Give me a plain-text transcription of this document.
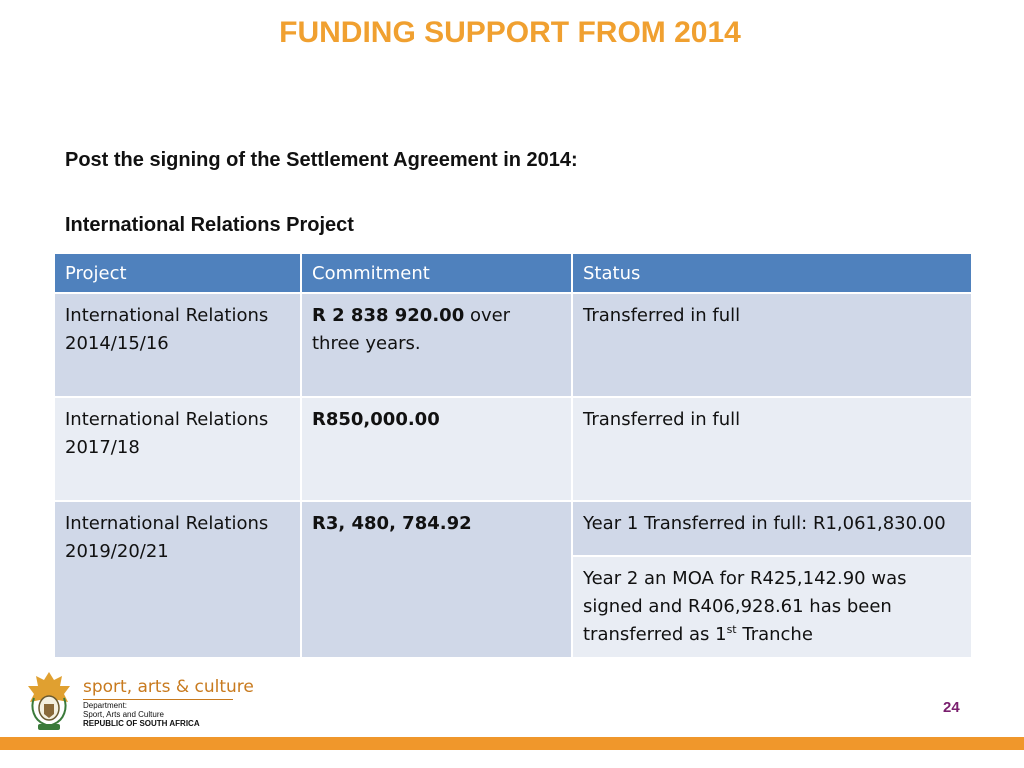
FUNDING SUPPORT FROM 2014
Post the signing of the Settlement Agreement in 2014:
International Relations Project
Project	Commitment	Status
International Relations
2014/15/16	R 2 838 920.00 over three years.	Transferred in full
International Relations
2017/18	R850,000.00	Transferred in full
International Relations
2019/20/21	R3, 480, 784.92	Year 1 Transferred in full: R1,061,830.00
		Year 2 an MOA for R425,142.90 was signed and R406,928.61 has been transferred as 1st Tranche
sport, arts & culture
Department:
Sport, Arts and Culture
REPUBLIC OF SOUTH AFRICA
24
